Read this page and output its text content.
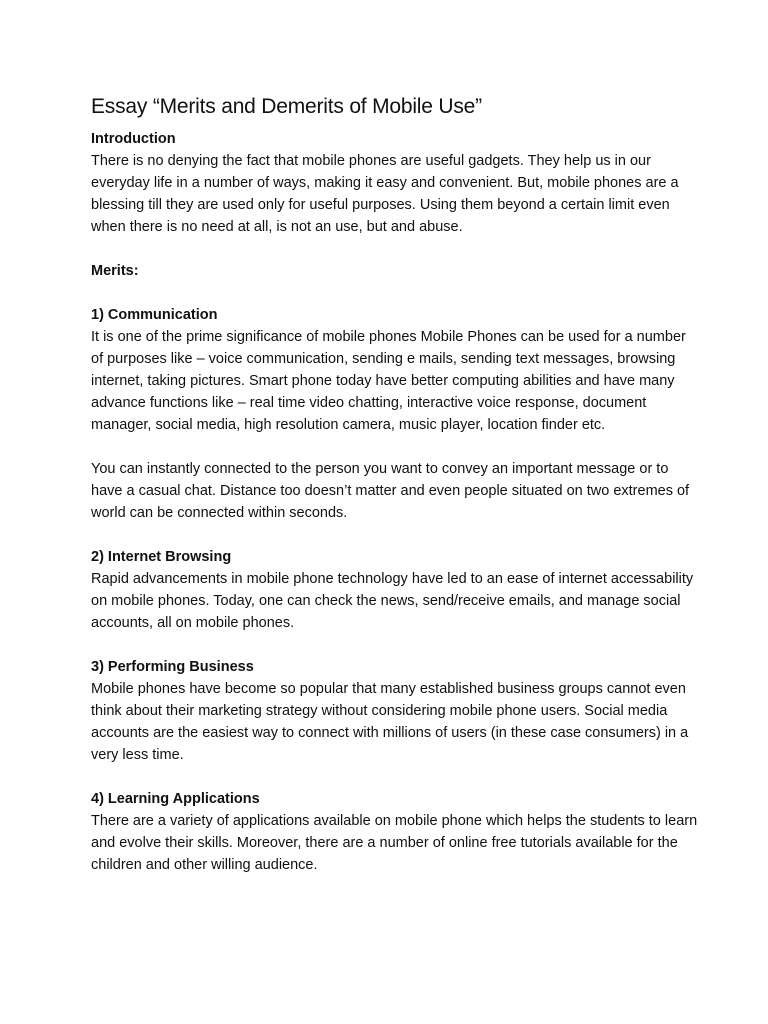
Essay “Merits and Demerits of Mobile Use”

Introduction

There is no denying the fact that mobile phones are useful gadgets. They help us in our everyday life in a number of ways, making it easy and convenient. But, mobile phones are a blessing till they are used only for useful purposes. Using them beyond a certain limit even when there is no need at all, is not an use, but and abuse.

Merits:

1) Communication

It is one of the prime significance of mobile phones Mobile Phones can be used for a number of purposes like – voice communication, sending e mails, sending text messages, browsing internet, taking pictures. Smart phone today have better computing abilities and have many advance functions like – real time video chatting, interactive voice response, document manager, social media, high resolution camera, music player, location finder etc.

You can instantly connected to the person you want to convey an important message or to have a casual chat. Distance too doesn’t matter and even people situated on two extremes of world can be connected within seconds.

2) Internet Browsing

Rapid advancements in mobile phone technology have led to an ease of internet accessability on mobile phones. Today, one can check the news, send/receive emails, and manage social accounts, all on mobile phones.

3) Performing Business

Mobile phones have become so popular that many established business groups cannot even think about their marketing strategy without considering mobile phone users. Social media accounts are the easiest way to connect with millions of users (in these case consumers) in a very less time.

4) Learning Applications

There are a variety of applications available on mobile phone which helps the students to learn and evolve their skills. Moreover, there are a number of online free tutorials available for the children and other willing audience.
